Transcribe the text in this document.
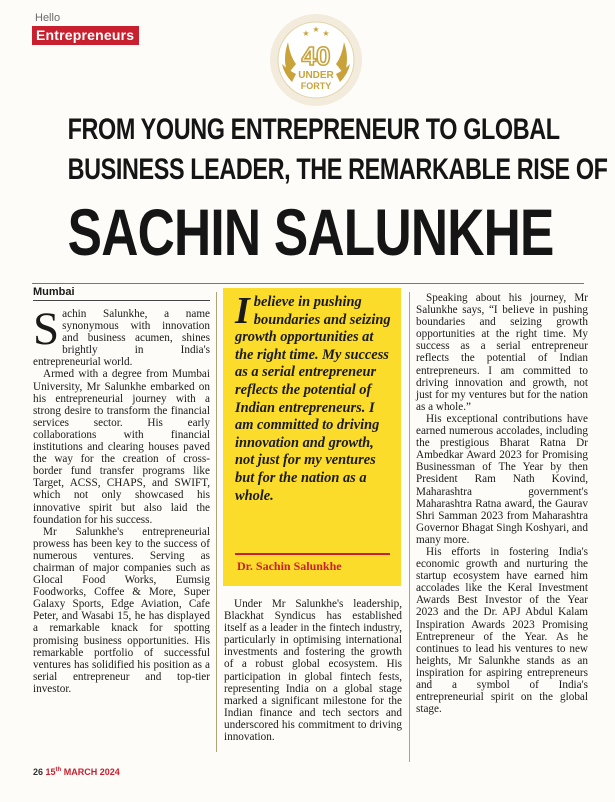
Hello
Entrepreneurs	★ ★ ★
40
UNDER
FORTY
FROM YOUNG ENTREPRENEUR TO GLOBAL
BUSINESS LEADER, THE REMARKABLE RISE OF
SACHIN SALUNKHE
Mumbai

Sachin Salunkhe, a name synonymous with innovation and business acumen, shines brightly in India's entrepreneurial world.

Armed with a degree from Mumbai University, Mr Salunkhe embarked on his entrepreneurial journey with a strong desire to transform the financial services sector. His early collaborations with financial institutions and clearing houses paved the way for the creation of cross-border fund transfer programs like Target, ACSS, CHAPS, and SWIFT, which not only showcased his innovative spirit but also laid the foundation for his success.

Mr Salunkhe's entrepreneurial prowess has been key to the success of numerous ventures. Serving as chairman of major companies such as Glocal Food Works, Eumsig Foodworks, Coffee & More, Super Galaxy Sports, Edge Aviation, Cafe Peter, and Wasabi 15, he has displayed a remarkable knack for spotting promising business opportunities. His remarkable portfolio of successful ventures has solidified his position as a serial entrepreneur and top-tier investor.

Ibelieve in pushing boundaries and seizing growth opportunities at the right time. My success as a serial entrepreneur reflects the potential of Indian entrepreneurs. I am committed to driving innovation and growth, not just for my ventures but for the nation as a whole.
Dr. Sachin Salunkhe

Under Mr Salunkhe's leadership, Blackhat Syndicus has established itself as a leader in the fintech industry, particularly in optimising international investments and fostering the growth of a robust global ecosystem. His participation in global fintech fests, representing India on a global stage marked a significant milestone for the Indian finance and tech sectors and underscored his commitment to driving innovation.

Speaking about his journey, Mr Salunkhe says, “I believe in pushing boundaries and seizing growth opportunities at the right time. My success as a serial entrepreneur reflects the potential of Indian entrepreneurs. I am committed to driving innovation and growth, not just for my ventures but for the nation as a whole.”

His exceptional contributions have earned numerous accolades, including the prestigious Bharat Ratna Dr Ambedkar Award 2023 for Promising Businessman of The Year by then President Ram Nath Kovind, Maharashtra government's Maharashtra Ratna award, the Gaurav Shri Samman 2023 from Maharashtra Governor Bhagat Singh Koshyari, and many more.

His efforts in fostering India's economic growth and nurturing the startup ecosystem have earned him accolades like the Keral Investment Awards Best Investor of the Year 2023 and the Dr. APJ Abdul Kalam Inspiration Awards 2023 Promising Entrepreneur of the Year. As he continues to lead his ventures to new heights, Mr Salunkhe stands as an inspiration for aspiring entrepreneurs and a symbol of India's entrepreneurial spirit on the global stage.

26 15th MARCH 2024
